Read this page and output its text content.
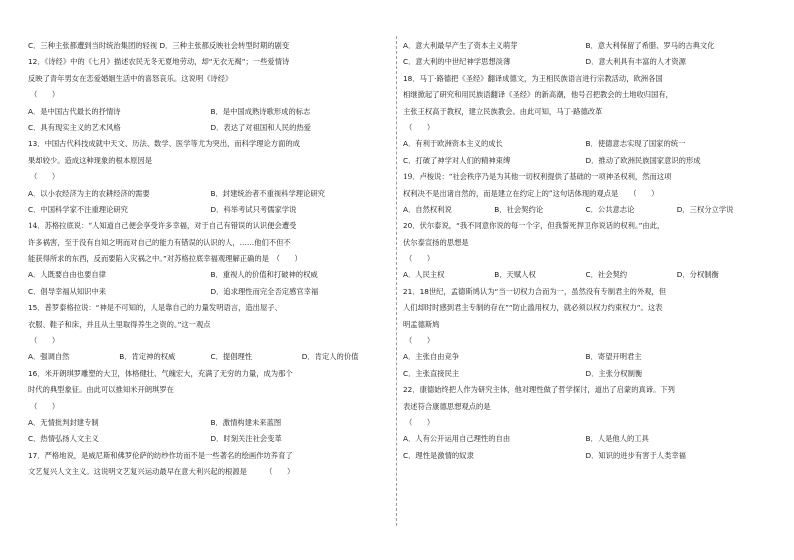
C．三种主张都遭到当时统治集团的轻视 D．三种主张都反映社会转型时期的剧变
12．《诗经》中的《七月》描述农民无冬无夏地劳动，却“无衣无褐”；一些爱情诗
反映了青年男女在恋爱婚姻生活中的喜怒哀乐。这说明《诗经》
（　　）
A．是中国古代最长的抒情诗	B．是中国成熟诗歌形成的标志
C．具有现实主义的艺术风格	D．表达了对祖国和人民的热爱
13．中国古代科技成就中天文、历法、数学、医学等尤为突出，而科学理论方面的成
果却较少。造成这种现象的根本原因是
（　　）
A．以小农经济为主的农耕经济的需要	B．封建统治者不重视科学理论研究
C．中国科学家不注重理论研究	D．科举考试只考儒家学说
14．苏格拉底说：“人知道自己便会享受许多幸福，对于自己有错误的认识便会遭受
许多祸害，至于没有自知之明而对自己的能力有错误的认识的人，……他们不但不
能获得所求的东西，反而要陷入灾祸之中。”对苏格拉底幸福观理解正确的是　（　　）
A．人既要自由也要自律	B．重视人的价值和打破神的权威
C．倡导幸福从知识中来	D．追求理性而完全否定感官幸福
15．普罗泰格拉说：“神是不可知的，人是靠自己的力量发明语言，造出屋子、
衣服、鞋子和床，并且从土里取得养生之资的。”这一观点
（　　）
A．强调自然	B．肯定神的权威	C．提倡理性	D．肯定人的价值
16．米开朗琪罗雕塑的大卫，体格健壮、气魄宏大，充满了无穷的力量，成为那个
时代的典型象征。由此可以推知米开朗琪罗在
（　　）
A．无情批判封建专制	B．激情构建未来蓝图
C．热情弘扬人文主义	D．时刻关注社会变革
17．严格地说，是威尼斯和佛罗伦萨的纺纱作坊而不是一些著名的绘画作坊养育了
文艺复兴人文主义。这说明文艺复兴运动最早在意大利兴起的根源是　　　（　　）
A．意大利最早产生了资本主义萌芽	B．意大利保留了希腊、罗马的古典文化
C．意大利的中世纪神学思想淡薄	D．意大利具有丰富的人才资源
18．马丁·路德把《圣经》翻译成德文，为王相民族语言进行宗教活动，欧洲各国
相继掀起了研究和用民族语翻译《圣经》的新高潮，他号召把教会的土地收归国有，
主张王权高于教权，建立民族教会。由此可知，马丁·路德改革
（　　）
A．有利于欧洲资本主义的成长	B．使德意志实现了国家的统一
C．打破了神学对人们的精神束缚	D．推动了欧洲民族国家意识的形成
19．卢梭说：“社会秩序乃是为其他一切权利提供了基础的一项神圣权利，然而这项
权利决不是出诸自然的，而是建立在约定上的”这句话体现的观点是　　（　　）
A．自然权利说	B．社会契约论	C．公共意志论	D．三权分立学说
20．伏尔泰说，“我不同意你说的每一个字，但我誓死捍卫你说话的权利。”由此，
伏尔泰宣扬的思想是
（　　）
A．人民主权	B．天赋人权	C．社会契约	D．分权制衡
21．18世纪，孟德斯鸠认为“当一切权力合而为一，虽然没有专制君主的外观，但
人们却时时感到君主专制的存在”“防止滥用权力，就必须以权力约束权力”。这表
明孟德斯鸠
（　　）
A．主张自由竞争	B．寄望开明君主
C．主张直接民主	D．主张分权制衡
22．康德始终把人作为研究主体，他对理性做了哲学探讨，道出了启蒙的真谛。下列
表述符合康德思想观点的是
（　　）
A．人有公开运用自己理性的自由	B．人是他人的工具
C．理性是激情的奴隶	D．知识的进步有害于人类幸福
